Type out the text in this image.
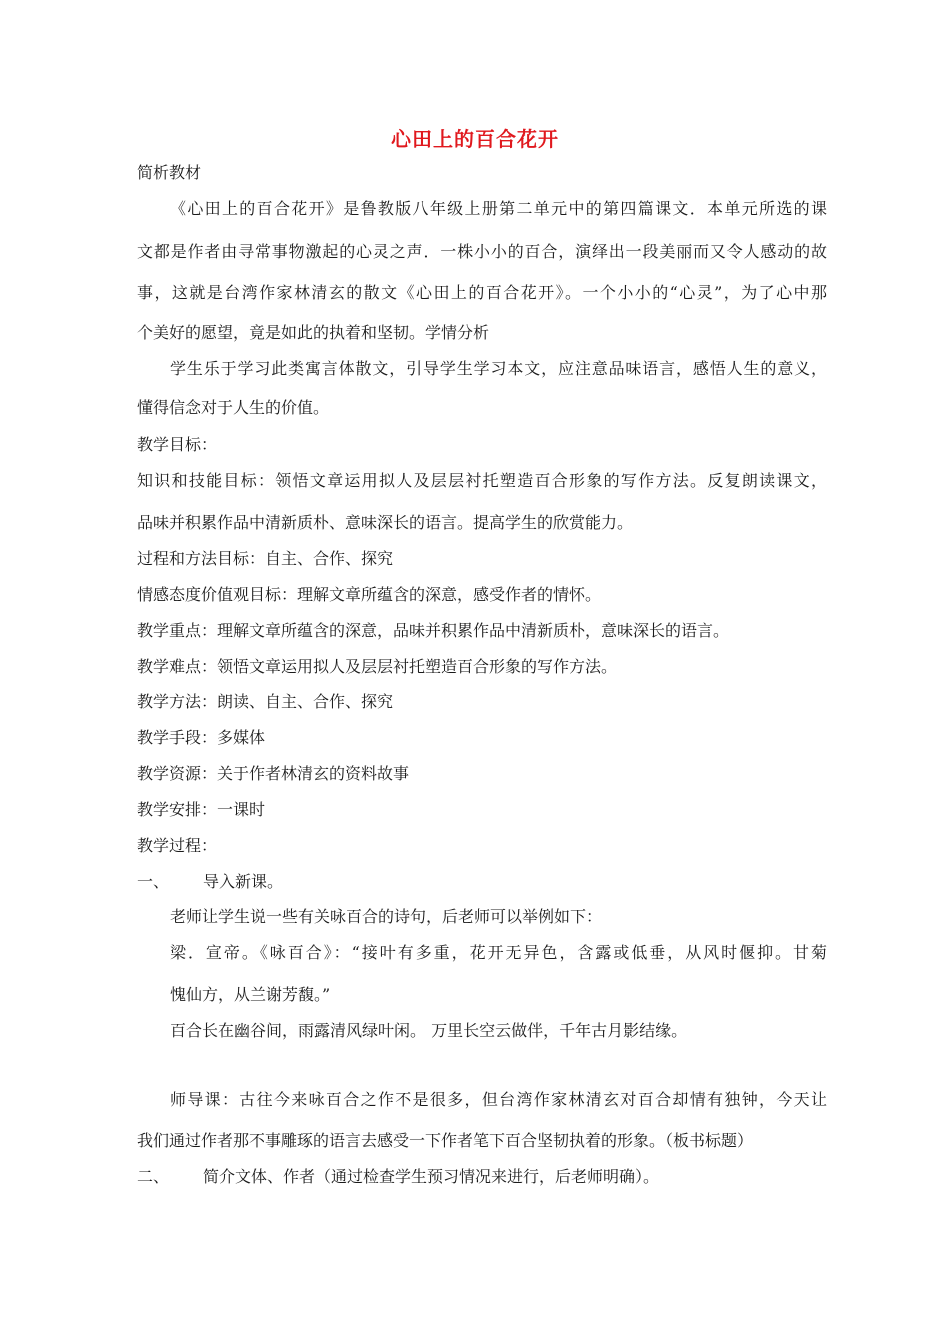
心田上的百合花开
简析教材
《心田上的百合花开》是鲁教版八年级上册第二单元中的第四篇课文．本单元所选的课
文都是作者由寻常事物激起的心灵之声．一株小小的百合，演绎出一段美丽而又令人感动的故
事，这就是台湾作家林清玄的散文《心田上的百合花开》。一个小小的“心灵”，为了心中那
个美好的愿望，竟是如此的执着和坚韧。学情分析
学生乐于学习此类寓言体散文，引导学生学习本文，应注意品味语言，感悟人生的意义，
懂得信念对于人生的价值。
教学目标：
知识和技能目标：领悟文章运用拟人及层层衬托塑造百合形象的写作方法。反复朗读课文，
品味并积累作品中清新质朴、意味深长的语言。提高学生的欣赏能力。
过程和方法目标：自主、合作、探究
情感态度价值观目标：理解文章所蕴含的深意，感受作者的情怀。
教学重点：理解文章所蕴含的深意，品味并积累作品中清新质朴，意味深长的语言。
教学难点：领悟文章运用拟人及层层衬托塑造百合形象的写作方法。
教学方法：朗读、自主、合作、探究
教学手段：多媒体
教学资源：关于作者林清玄的资料故事
教学安排：一课时
教学过程：
一、 导入新课。
老师让学生说一些有关咏百合的诗句，后老师可以举例如下：
梁．宣帝。《咏百合》：“接叶有多重，花开无异色，含露或低垂，从风时偃抑。甘菊
愧仙方，从兰谢芳馥。”
百合长在幽谷间，雨露清风绿叶闲。 万里长空云做伴，千年古月影结缘。
师导课：古往今来咏百合之作不是很多，但台湾作家林清玄对百合却情有独钟，今天让
我们通过作者那不事雕琢的语言去感受一下作者笔下百合坚韧执着的形象。（板书标题）
二、 简介文体、作者（通过检查学生预习情况来进行，后老师明确）。
